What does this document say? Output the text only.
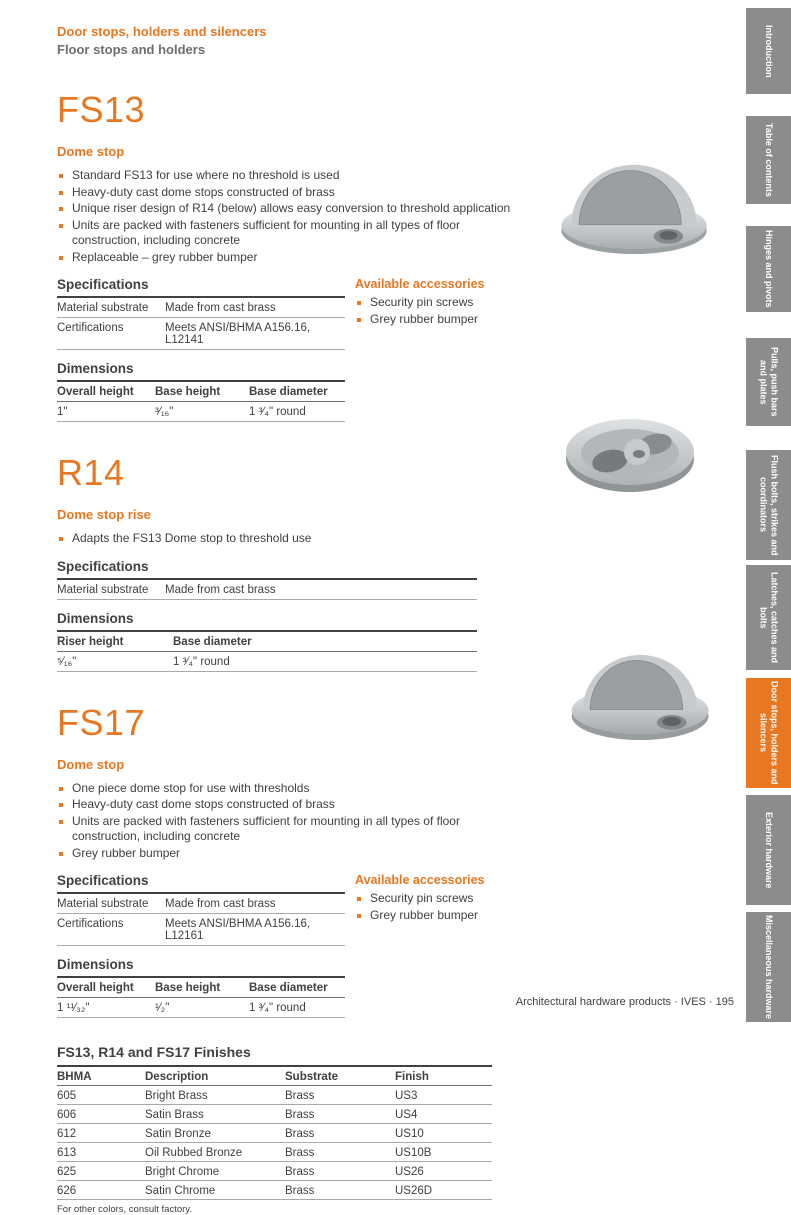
Door stops, holders and silencers
Floor stops and holders
FS13
Dome stop
Standard FS13 for use where no threshold is used
Heavy-duty cast dome stops constructed of brass
Unique riser design of R14 (below) allows easy conversion to threshold application
Units are packed with fasteners sufficient for mounting in all types of floor construction, including concrete
Replaceable – grey rubber bumper
Specifications
Material substrate	Made from cast brass
Certifications	Meets ANSI/BHMA A156.16, L12141
Dimensions
Overall height	Base height	Base diameter
1"	³⁄₁₆"	1 ³⁄₄" round
Available accessories
Security pin screws
Grey rubber bumper
R14
Dome stop rise
Adapts the FS13 Dome stop to threshold use
Specifications
Material substrate	Made from cast brass
Dimensions
Riser height	Base diameter
⁵⁄₁₆"	1 ³⁄₄" round
FS17
Dome stop
One piece dome stop for use with thresholds
Heavy-duty cast dome stops constructed of brass
Units are packed with fasteners sufficient for mounting in all types of floor construction, including concrete
Grey rubber bumper
Specifications
Material substrate	Made from cast brass
Certifications	Meets ANSI/BHMA A156.16, L12161
Dimensions
Overall height	Base height	Base diameter
1 ¹¹⁄₃₂"	¹⁄₂"	1 ³⁄₄" round
Available accessories
Security pin screws
Grey rubber bumper
FS13, R14 and FS17 Finishes
BHMA	Description	Substrate	Finish
605	Bright Brass	Brass	US3
606	Satin Brass	Brass	US4
612	Satin Bronze	Brass	US10
613	Oil Rubbed Bronze	Brass	US10B
625	Bright Chrome	Brass	US26
626	Satin Chrome	Brass	US26D
For other colors, consult factory.
Introduction
Table of contents
Hinges and pivots
Pulls, push bars and plates
Flush bolts, strikes and coordinators
Latches, catches and bolts
Door stops, holders and silencers
Exterior hardware
Miscellaneous hardware
Architectural hardware products · IVES · 195
